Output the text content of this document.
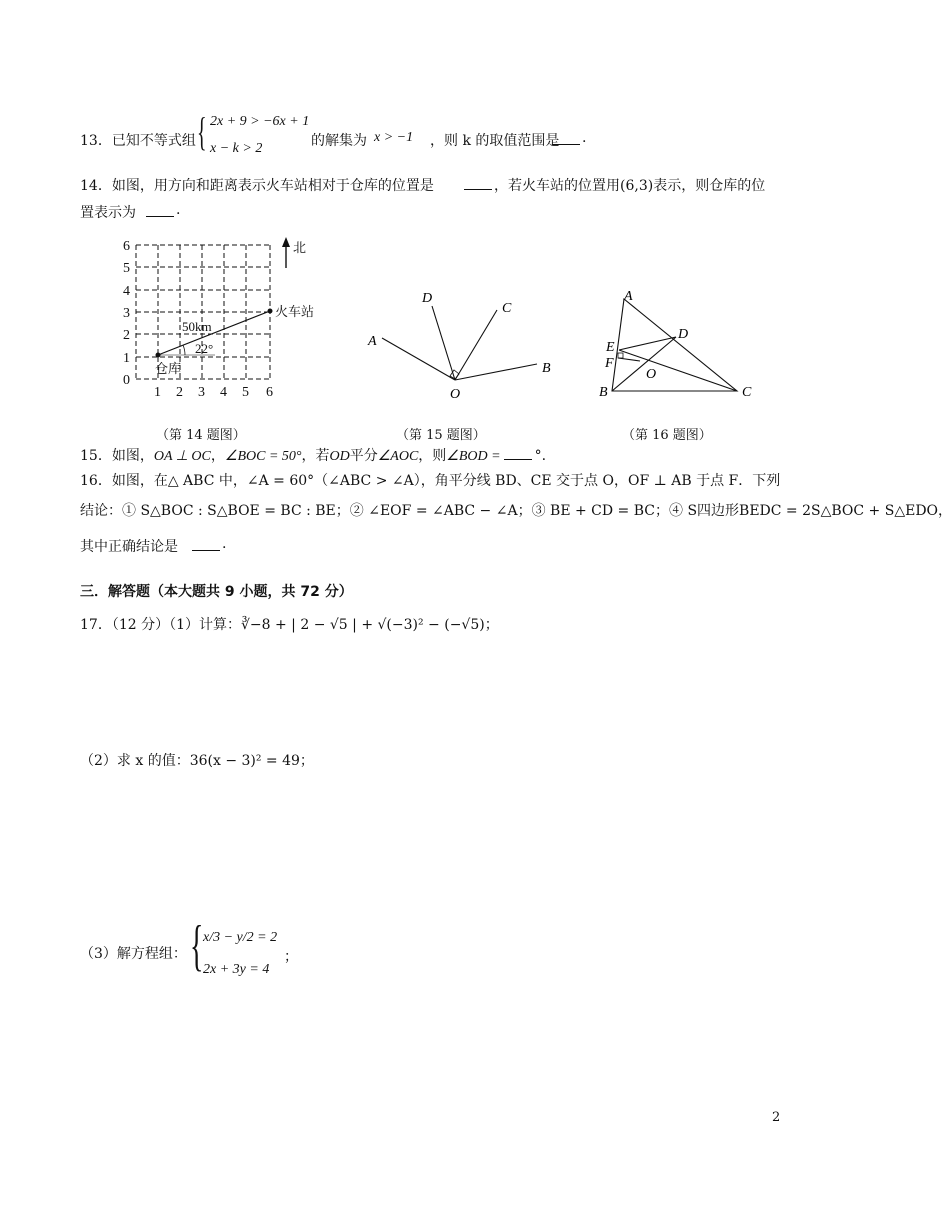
13．已知不等式组 { 2x + 9 > −6x + 1
x − k > 2	的解集为 x > −1 ，则 k 的取值范围是 .
14．如图，用方向和距离表示火车站相对于仓库的位置是	，若火车站的位置用(6,3)表示，则仓库的位
置表示为	.
6
5
4
3
2
1
0
1 2 3 4 5 6
北
火车站
仓库
50km
22°
（第 14 题图）
A
D
C
B
O
（第 15 题图）
A
D
E
F
O
B	C
（第 16 题图）
15．如图，OA ⊥ OC，∠BOC = 50°，若OD平分∠AOC，则∠BOD = °.
16．如图，在△ ABC 中，∠A = 60°（∠ABC > ∠A），角平分线 BD、CE 交于点 O，OF ⊥ AB 于点 F．下列
结论：① S△BOC : S△BOE = BC : BE；② ∠EOF = ∠ABC − ∠A；③ BE + CD = BC；④ S四边形BEDC = 2S△BOC + S△EDO，
其中正确结论是	.
三．解答题（本大题共 9 小题，共 72 分）
17．（12 分）（1）计算：∛−8 + | 2 − √5 | + √(−3)² − (−√5)；
（2）求 x 的值：36(x − 3)² = 49；
（3）解方程组： { x/3 − y/2 = 2
2x + 3y = 4
；
2
